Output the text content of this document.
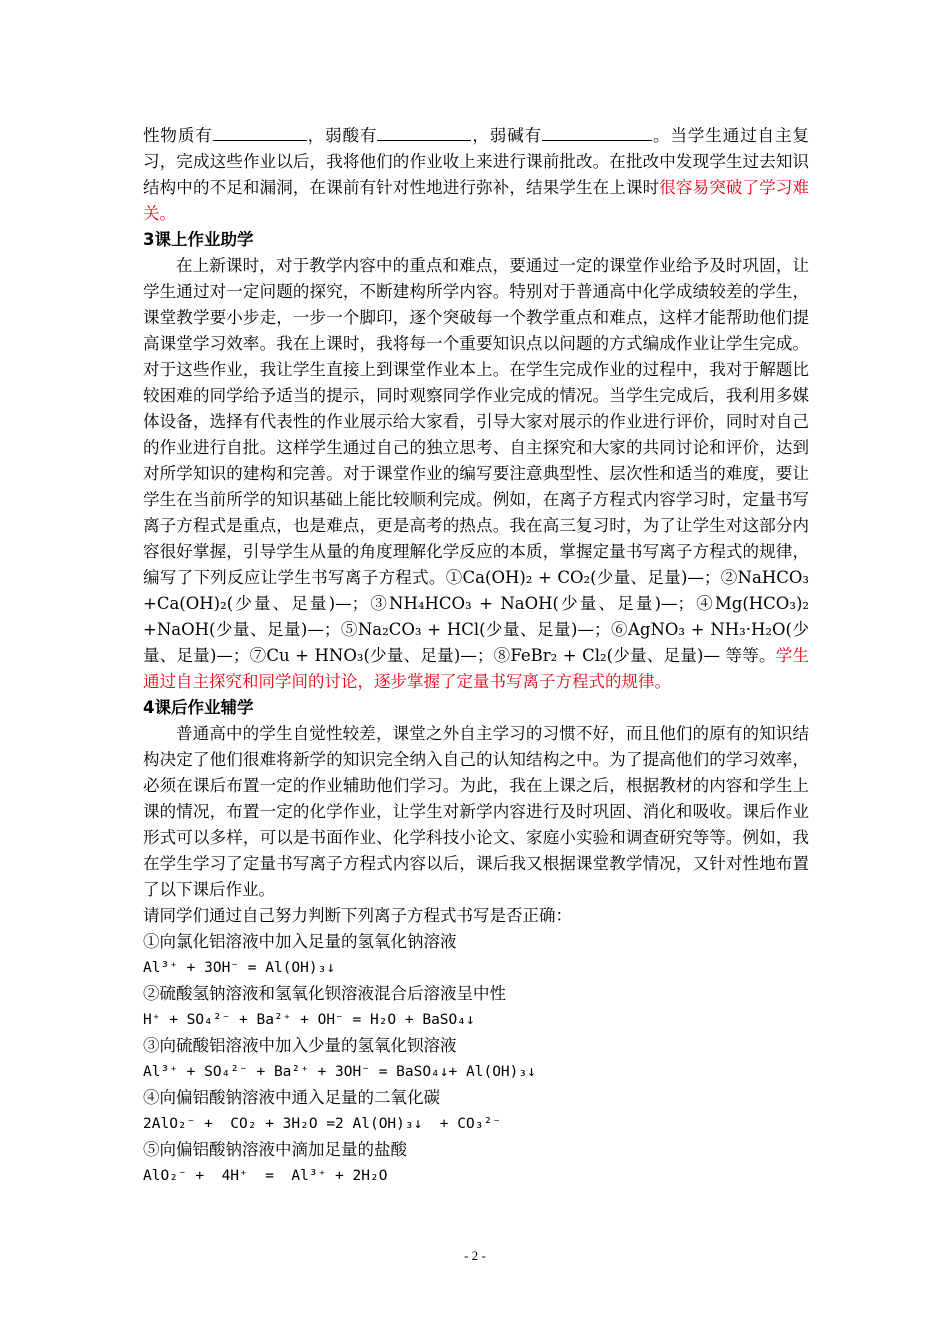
性物质有	，弱酸有	，弱碱有	。当学生通过自主复习，完成这些作业以后，我将他们的作业收上来进行课前批改。在批改中发现学生过去知识结构中的不足和漏洞，在课前有针对性地进行弥补，结果学生在上课时很容易突破了学习难关。

3课上作业助学

在上新课时，对于教学内容中的重点和难点，要通过一定的课堂作业给予及时巩固，让学生通过对一定问题的探究，不断建构所学内容。特别对于普通高中化学成绩较差的学生，课堂教学要小步走，一步一个脚印，逐个突破每一个教学重点和难点，这样才能帮助他们提高课堂学习效率。我在上课时，我将每一个重要知识点以问题的方式编成作业让学生完成。对于这些作业，我让学生直接上到课堂作业本上。在学生完成作业的过程中，我对于解题比较困难的同学给予适当的提示，同时观察同学作业完成的情况。当学生完成后，我利用多媒体设备，选择有代表性的作业展示给大家看，引导大家对展示的作业进行评价，同时对自己的作业进行自批。这样学生通过自己的独立思考、自主探究和大家的共同讨论和评价，达到对所学知识的建构和完善。对于课堂作业的编写要注意典型性、层次性和适当的难度，要让学生在当前所学的知识基础上能比较顺利完成。例如，在离子方程式内容学习时，定量书写离子方程式是重点，也是难点，更是高考的热点。我在高三复习时，为了让学生对这部分内容很好掌握，引导学生从量的角度理解化学反应的本质，掌握定量书写离子方程式的规律，编写了下列反应让学生书写离子方程式。①Ca(OH)₂ + CO₂(少量、足量)—；②NaHCO₃ +Ca(OH)₂(少量、足量)—；③NH₄HCO₃ + NaOH(少量、足量)—；④Mg(HCO₃)₂ +NaOH(少量、足量)—；⑤Na₂CO₃ + HCl(少量、足量)—；⑥AgNO₃ + NH₃·H₂O(少量、足量)—；⑦Cu + HNO₃(少量、足量)—；⑧FeBr₂ + Cl₂(少量、足量)— 等等。学生通过自主探究和同学间的讨论，逐步掌握了定量书写离子方程式的规律。

4课后作业辅学

普通高中的学生自觉性较差，课堂之外自主学习的习惯不好，而且他们的原有的知识结构决定了他们很难将新学的知识完全纳入自己的认知结构之中。为了提高他们的学习效率，必须在课后布置一定的作业辅助他们学习。为此，我在上课之后，根据教材的内容和学生上课的情况，布置一定的化学作业，让学生对新学内容进行及时巩固、消化和吸收。课后作业形式可以多样，可以是书面作业、化学科技小论文、家庭小实验和调查研究等等。例如，我在学生学习了定量书写离子方程式内容以后，课后我又根据课堂教学情况，又针对性地布置了以下课后作业。

请同学们通过自己努力判断下列离子方程式书写是否正确：

①向氯化铝溶液中加入足量的氢氧化钠溶液

Al³⁺ + 3OH⁻ = Al(OH)₃↓

②硫酸氢钠溶液和氢氧化钡溶液混合后溶液呈中性

H⁺ + SO₄²⁻ + Ba²⁺ + OH⁻ = H₂O + BaSO₄↓

③向硫酸铝溶液中加入少量的氢氧化钡溶液

Al³⁺ + SO₄²⁻ + Ba²⁺ + 3OH⁻ = BaSO₄↓+ Al(OH)₃↓

④向偏铝酸钠溶液中通入足量的二氧化碳

2AlO₂⁻ +  CO₂ + 3H₂O =2 Al(OH)₃↓  + CO₃²⁻

⑤向偏铝酸钠溶液中滴加足量的盐酸

AlO₂⁻ +  4H⁺  =  Al³⁺ + 2H₂O

- 2 -
